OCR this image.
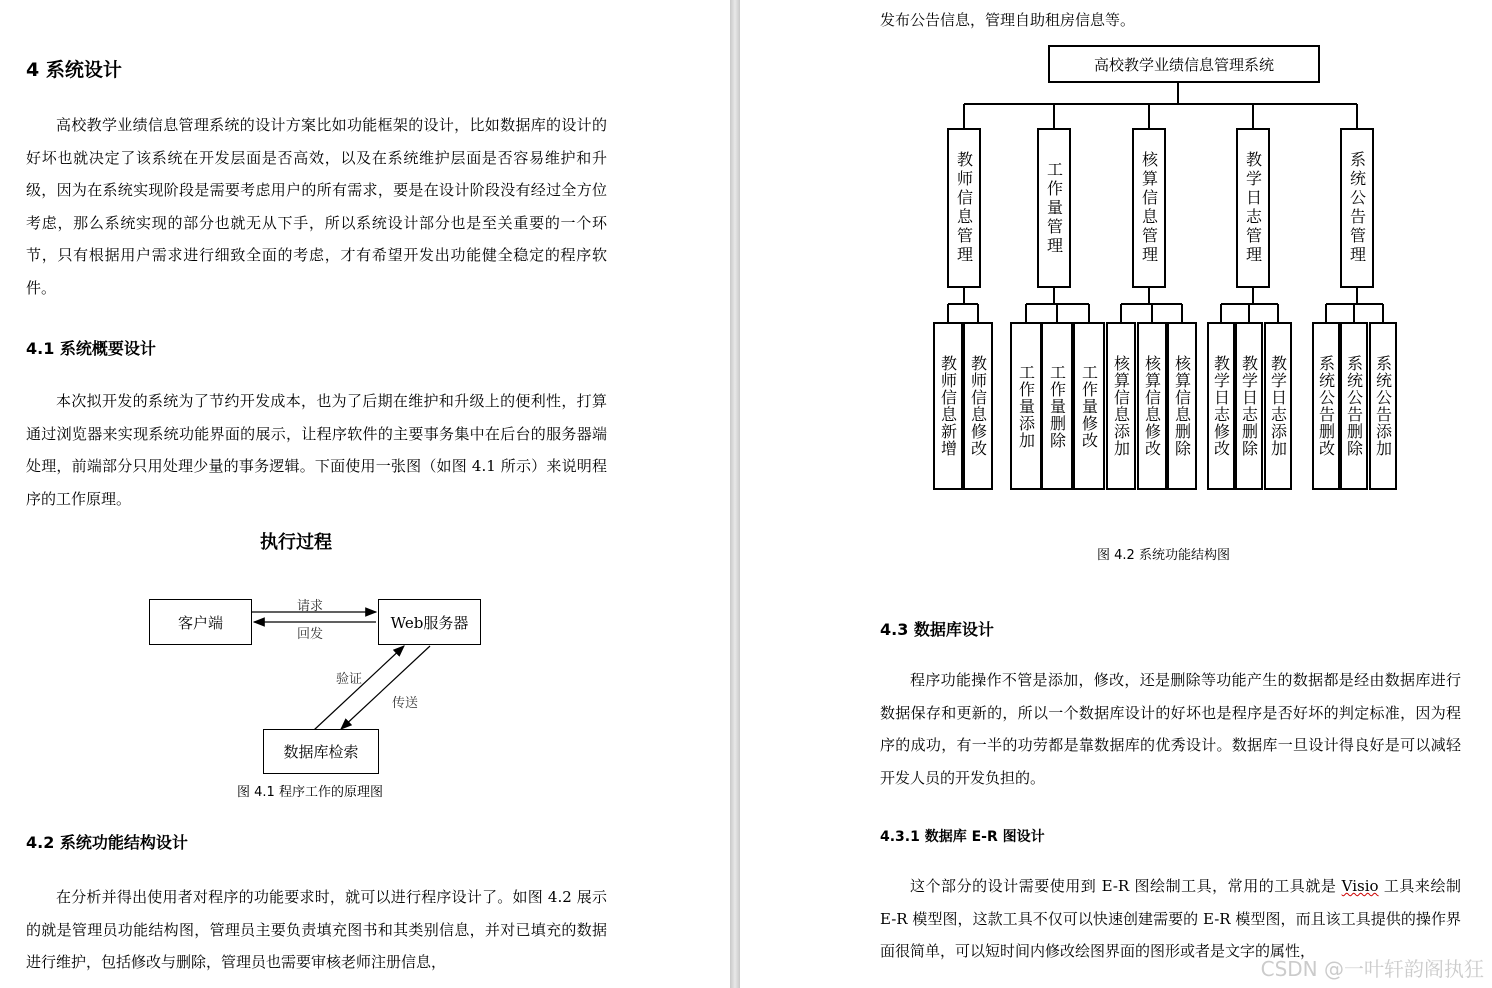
4 系统设计

高校教学业绩信息管理系统的设计方案比如功能框架的设计，比如数据库的设计的好坏也就决定了该系统在开发层面是否高效，以及在系统维护层面是否容易维护和升级，因为在系统实现阶段是需要考虑用户的所有需求，要是在设计阶段没有经过全方位考虑，那么系统实现的部分也就无从下手，所以系统设计部分也是至关重要的一个环节，只有根据用户需求进行细致全面的考虑，才有希望开发出功能健全稳定的程序软件。

4.1 系统概要设计

本次拟开发的系统为了节约开发成本，也为了后期在维护和升级上的便利性，打算通过浏览器来实现系统功能界面的展示，让程序软件的主要事务集中在后台的服务器端处理，前端部分只用处理少量的事务逻辑。下面使用一张图（如图 4.1 所示）来说明程序的工作原理。

执行过程
客户端	Web服务器
数据库检索
请求
回发
验证
传送
图 4.1 程序工作的原理图
4.2 系统功能结构设计

在分析并得出使用者对程序的功能要求时，就可以进行程序设计了。如图 4.2 展示的就是管理员功能结构图，管理员主要负责填充图书和其类别信息，并对已填充的数据进行维护，包括修改与删除，管理员也需要审核老师注册信息，

发布公告信息，管理自助租房信息等。

高校教学业绩信息管理系统
教师信息管理
教师信息新增 教师信息修改
工作量管理
工作量添加 工作量删除 工作量修改
核算信息管理
核算信息添加 核算信息修改 核算信息删除
教学日志管理
教学日志修改 教学日志删除 教学日志添加
系统公告管理
系统公告删改 系统公告删除 系统公告添加
图 4.2 系统功能结构图
4.3 数据库设计

程序功能操作不管是添加，修改，还是删除等功能产生的数据都是经由数据库进行数据保存和更新的，所以一个数据库设计的好坏也是程序是否好坏的判定标准，因为程序的成功，有一半的功劳都是靠数据库的优秀设计。数据库一旦设计得良好是可以减轻开发人员的开发负担的。

4.3.1 数据库 E-R 图设计

这个部分的设计需要使用到 E-R 图绘制工具，常用的工具就是 Visio 工具来绘制 E-R 模型图，这款工具不仅可以快速创建需要的 E-R 模型图，而且该工具提供的操作界面很简单，可以短时间内修改绘图界面的图形或者是文字的属性，

CSDN @一叶轩韵阁执狂
